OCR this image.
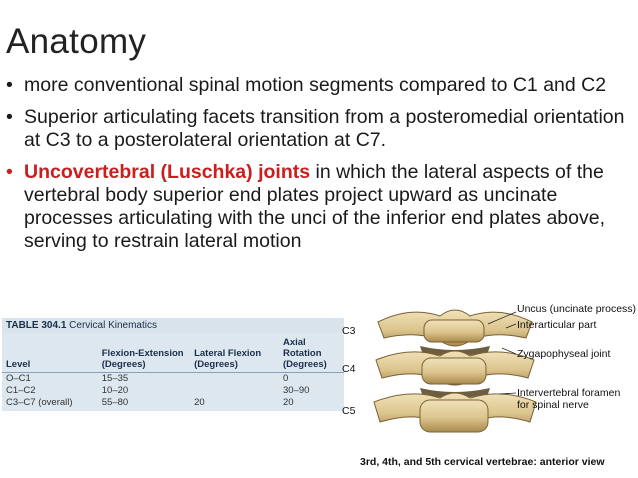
Anatomy
• more conventional spinal motion segments compared to C1 and C2
• Superior articulating facets transition from a posteromedial orientation at C3 to a posterolateral orientation at C7.
• Uncovertebral (Luschka) joints in which the lateral aspects of the vertebral body superior end plates project upward as uncinate processes articulating with the unci of the inferior end plates above, serving to restrain lateral motion
TABLE 304.1 Cervical Kinematics
Level	Flexion-Extension (Degrees)	Lateral Flexion (Degrees)	Axial Rotation (Degrees)
O–C1	15–35		0
C1–C2	10–20		30–90
C3–C7 (overall)	55–80	20	20
C3
C4
C5
Uncus (uncinate process)
Interarticular part
Zygapophyseal joint
Intervertebral foramen
for spinal nerve
3rd, 4th, and 5th cervical vertebrae: anterior view
